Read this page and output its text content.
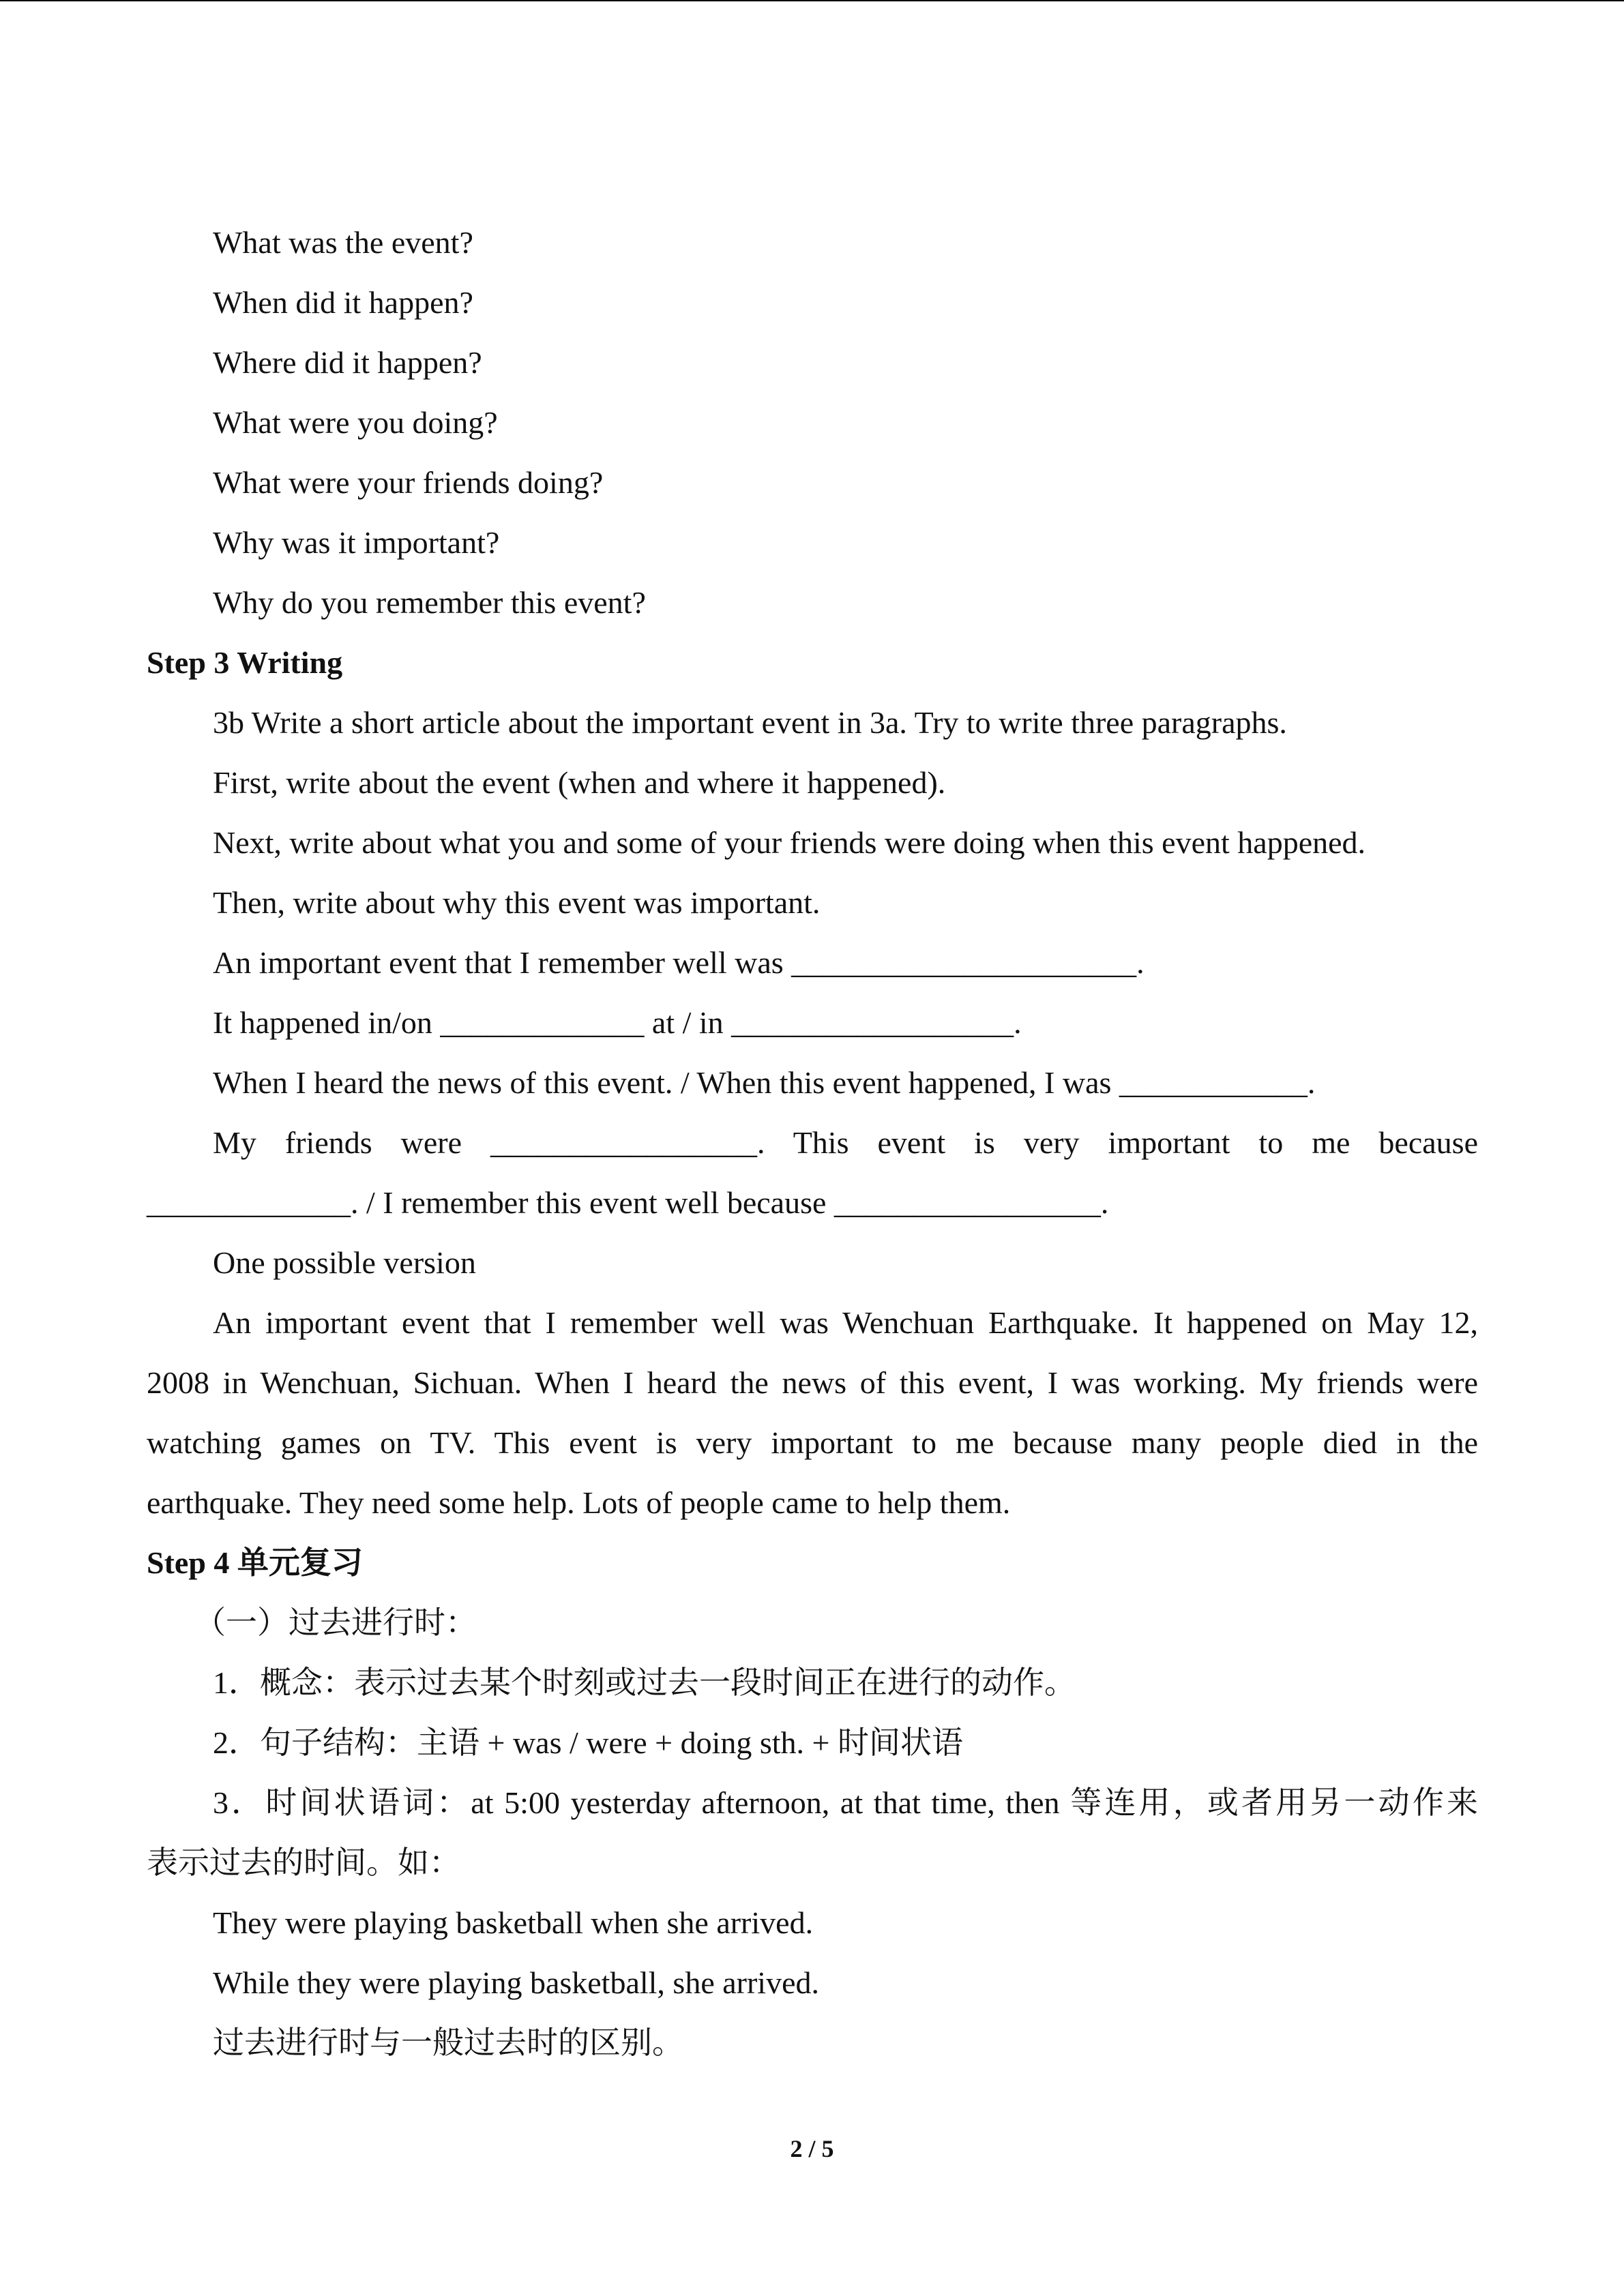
What was the event?
When did it happen?
Where did it happen?
What were you doing?
What were your friends doing?
Why was it important?
Why do you remember this event?
Step 3 Writing
3b Write a short article about the important event in 3a. Try to write three paragraphs.
First, write about the event (when and where it happened).
Next, write about what you and some of your friends were doing when this event happened.
Then, write about why this event was important.
An important event that I remember well was ______________________.
It happened in/on _____________ at / in __________________.
When I heard the news of this event. / When this event happened, I was ____________.
My friends were _________________. This event is very important to me because
_____________. / I remember this event well because _________________.
One possible version
An important event that I remember well was Wenchuan Earthquake. It happened on May 12,
2008 in Wenchuan, Sichuan. When I heard the news of this event, I was working. My friends were
watching games on TV. This event is very important to me because many people died in the
earthquake. They need some help. Lots of people came to help them.
Step 4 单元复习
（一）过去进行时：
1．概念：表示过去某个时刻或过去一段时间正在进行的动作。
2．句子结构：主语 + was / were + doing sth. + 时间状语
3．时间状语词：at 5:00 yesterday afternoon, at that time, then 等连用，或者用另一动作来
表示过去的时间。如：
They were playing basketball when she arrived.
While they were playing basketball, she arrived.
过去进行时与一般过去时的区别。
2 / 5
